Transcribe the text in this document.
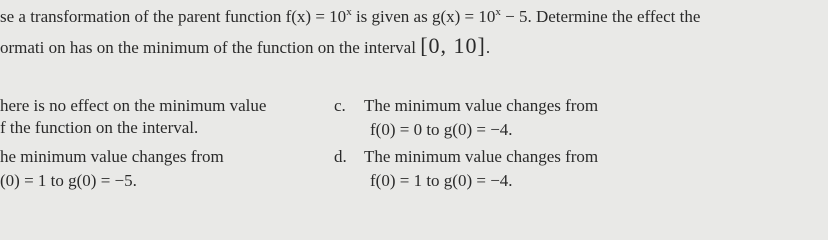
se a transformation of the parent function $f(x) = 10^x$ is given as $g(x) = 10^x - 5$. Determine the effect the
ormati on has on the minimum of the function on the interval [0, 10].
here is no effect on the minimum value
f the function on the interval.
he minimum value changes from
(0) = 1 to g(0) = −5.
c. The minimum value changes from
f(0) = 0 to g(0) = −4.
d. The minimum value changes from
f(0) = 1 to g(0) = −4.
